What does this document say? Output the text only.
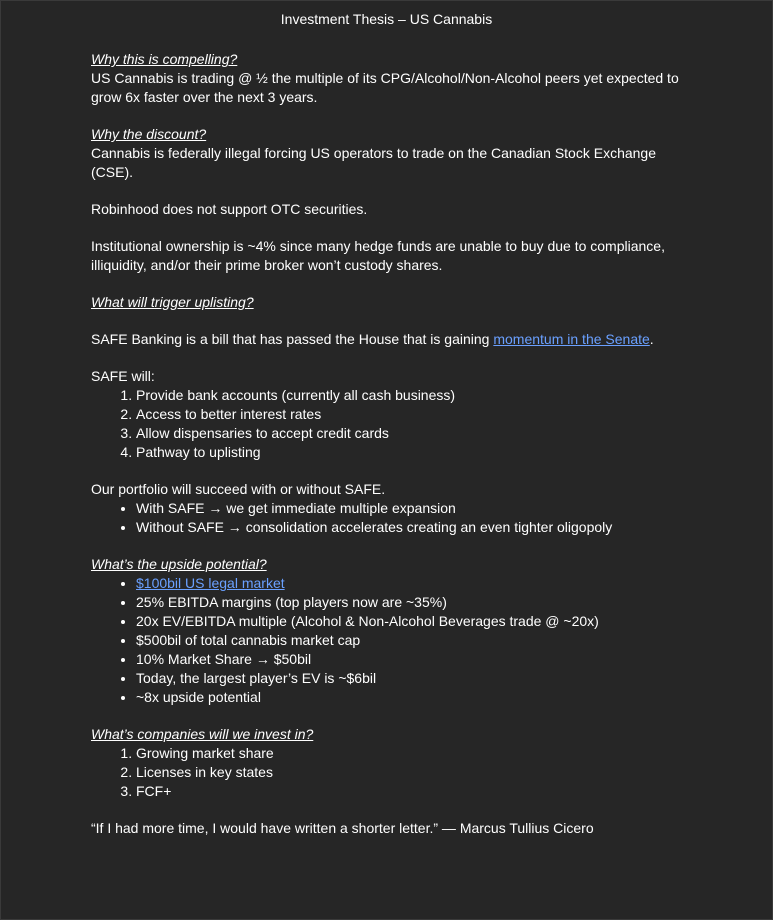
Investment Thesis – US Cannabis

Why this is compelling?

US Cannabis is trading @ ½ the multiple of its CPG/Alcohol/Non-Alcohol peers yet expected to grow 6x faster over the next 3 years.

Why the discount?

Cannabis is federally illegal forcing US operators to trade on the Canadian Stock Exchange (CSE).

Robinhood does not support OTC securities.

Institutional ownership is ~4% since many hedge funds are unable to buy due to compliance, illiquidity, and/or their prime broker won’t custody shares.

What will trigger uplisting?

SAFE Banking is a bill that has passed the House that is gaining momentum in the Senate.

SAFE will:

1. Provide bank accounts (currently all cash business)
2. Access to better interest rates
3. Allow dispensaries to accept credit cards
4. Pathway to uplisting

Our portfolio will succeed with or without SAFE.

• With SAFE → we get immediate multiple expansion
• Without SAFE → consolidation accelerates creating an even tighter oligopoly

What’s the upside potential?

• $100bil US legal market
• 25% EBITDA margins (top players now are ~35%)
• 20x EV/EBITDA multiple (Alcohol & Non-Alcohol Beverages trade @ ~20x)
• $500bil of total cannabis market cap
• 10% Market Share → $50bil
• Today, the largest player’s EV is ~$6bil
• ~8x upside potential

What’s companies will we invest in?

1. Growing market share
2. Licenses in key states
3. FCF+

“If I had more time, I would have written a shorter letter.” — Marcus Tullius Cicero
